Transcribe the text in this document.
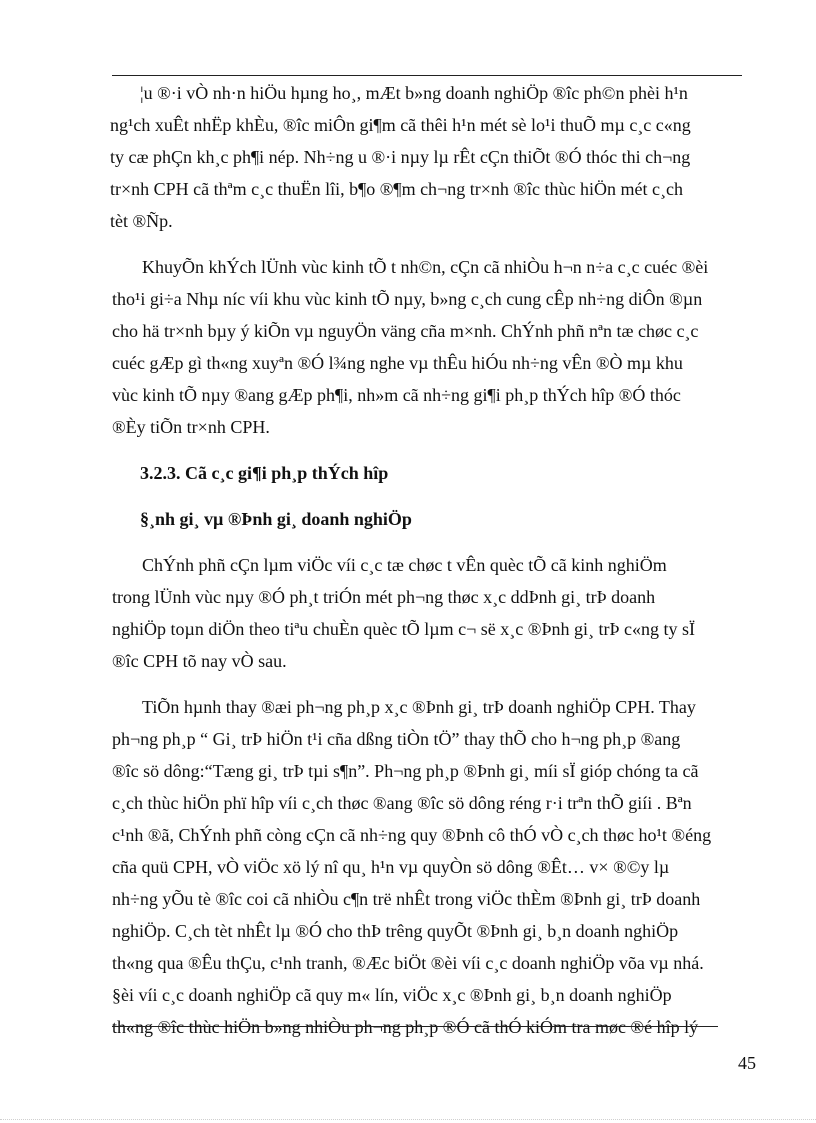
¦u ®·i vÒ nh·n hiÖu hµng ho¸, mÆt b»ng doanh nghiÖp ®îc ph©n phèi h¹n
ng¹ch xuÊt nhËp khÈu, ®îc miÔn gi¶m cã thêi h¹n mét sè lo¹i thuÕ mµ c¸c c«ng
ty cæ phÇn kh¸c ph¶i nép. Nh÷ng u ®·i nµy lµ rÊt cÇn thiÕt ®Ó thóc thi ch¬ng
tr×nh CPH cã thªm c¸c thuËn lîi, b¶o ®¶m ch¬ng tr×nh ®îc thùc hiÖn mét c¸ch
tèt ®Ñp.
KhuyÕn khÝch lÜnh vùc kinh tÕ t nh©n, cÇn cã nhiÒu h¬n n÷a c¸c cuéc ®èi
tho¹i gi÷a Nhµ níc víi khu vùc kinh tÕ nµy, b»ng c¸ch cung cÊp nh÷ng diÔn ®µn
cho hä tr×nh bµy ý kiÕn vµ nguyÖn väng cña m×nh. ChÝnh phñ nªn tæ chøc c¸c
cuéc gÆp gì th«ng xuyªn ®Ó l¾ng nghe vµ thÊu hiÓu nh÷ng vÊn ®Ò mµ khu
vùc kinh tÕ nµy ®ang gÆp ph¶i, nh»m cã nh÷ng gi¶i ph¸p thÝch hîp ®Ó thóc
®Èy tiÕn tr×nh CPH.
3.2.3. Cã c¸c gi¶i ph¸p thÝch hîp
§¸nh gi¸ vµ ®Þnh gi¸ doanh nghiÖp
ChÝnh phñ cÇn lµm viÖc víi c¸c tæ chøc t vÊn quèc tÕ cã kinh nghiÖm
trong lÜnh vùc nµy ®Ó ph¸t triÓn mét ph¬ng thøc x¸c ddÞnh gi¸ trÞ doanh
nghiÖp toµn diÖn theo tiªu chuÈn quèc tÕ lµm c¬ së x¸c ®Þnh gi¸ trÞ c«ng ty sÏ
®îc CPH tõ nay vÒ sau.
TiÕn hµnh thay ®æi ph¬ng ph¸p x¸c ®Þnh gi¸ trÞ doanh nghiÖp CPH. Thay
ph¬ng ph¸p “ Gi¸ trÞ hiÖn t¹i cña dßng tiÒn tÖ” thay thÕ cho h¬ng ph¸p ®ang
®îc sö dông:“Tæng gi¸ trÞ tµi s¶n”. Ph¬ng ph¸p ®Þnh gi¸ míi sÏ gióp chóng ta cã
c¸ch thùc hiÖn phï hîp víi c¸ch thøc ®ang ®îc sö dông réng r·i trªn thÕ giíi . Bªn
c¹nh ®ã, ChÝnh phñ còng cÇn cã nh÷ng quy ®Þnh cô thÓ vÒ c¸ch thøc ho¹t ®éng
cña quü CPH, vÒ viÖc xö lý nî qu¸ h¹n vµ quyÒn sö dông ®Êt… v× ®©y lµ
nh÷ng yÕu tè ®îc coi cã nhiÒu c¶n trë nhÊt trong viÖc thÈm ®Þnh gi¸ trÞ doanh
nghiÖp. C¸ch tèt nhÊt lµ ®Ó cho thÞ trêng quyÕt ®Þnh gi¸ b¸n doanh nghiÖp
th«ng qua ®Êu thÇu, c¹nh tranh, ®Æc biÖt ®èi víi c¸c doanh nghiÖp võa vµ nhá.
§èi víi c¸c doanh nghiÖp cã quy m« lín, viÖc x¸c ®Þnh gi¸ b¸n doanh nghiÖp
th«ng ®îc thùc hiÖn b»ng nhiÒu ph¬ng ph¸p ®Ó cã thÓ kiÓm tra møc ®é hîp lý
45
